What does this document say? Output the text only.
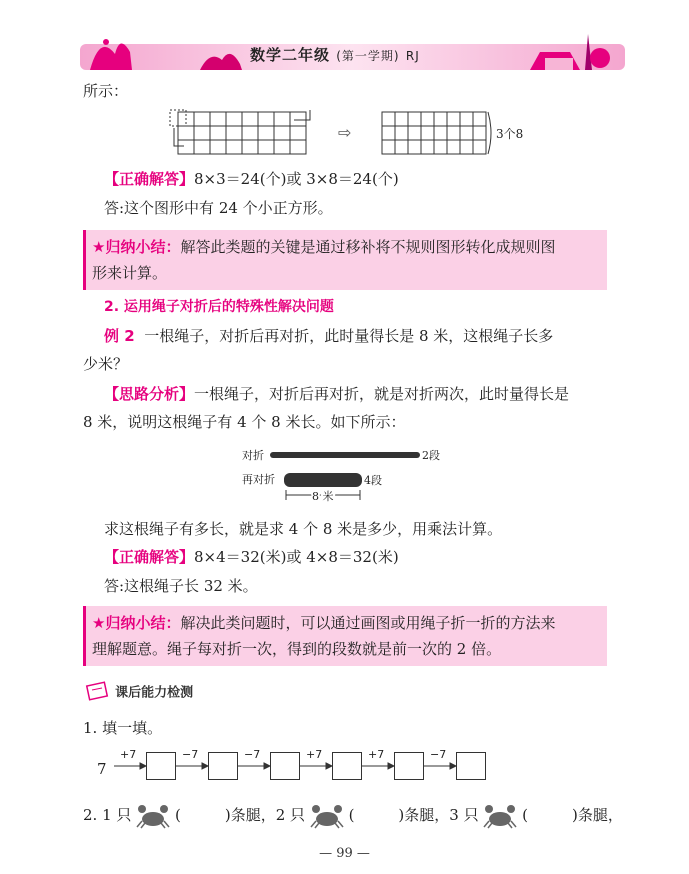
数学二年级 (第一学期) RJ
所示：
⇨	3个8
【正确解答】8×3＝24(个)或 3×8＝24(个)
答:这个图形中有 24 个小正方形。
★归纳小结：解答此类题的关键是通过移补将不规则图形转化成规则图
形来计算。
2. 运用绳子对折后的特殊性解决问题
例 2 一根绳子，对折后再对折，此时量得长是 8 米，这根绳子长多
少米？
【思路分析】一根绳子，对折后再对折，就是对折两次，此时量得长是
8 米，说明这根绳子有 4 个 8 米长。如下所示：
对折	2段
再对折	4段
8 米
求这根绳子有多长，就是求 4 个 8 米是多少，用乘法计算。
【正确解答】8×4＝32(米)或 4×8＝32(米)
答:这根绳子长 32 米。
★归纳小结：解决此类问题时，可以通过画图或用绳子折一折的方法来
理解题意。绳子每对折一次，得到的段数就是前一次的 2 倍。
课后能力检测
1. 填一填。
7
+7	−7	−7	+7	+7	−7
2. 1 只	(	)条腿，2 只	(	)条腿，3 只	(	)条腿，
— 99 —
